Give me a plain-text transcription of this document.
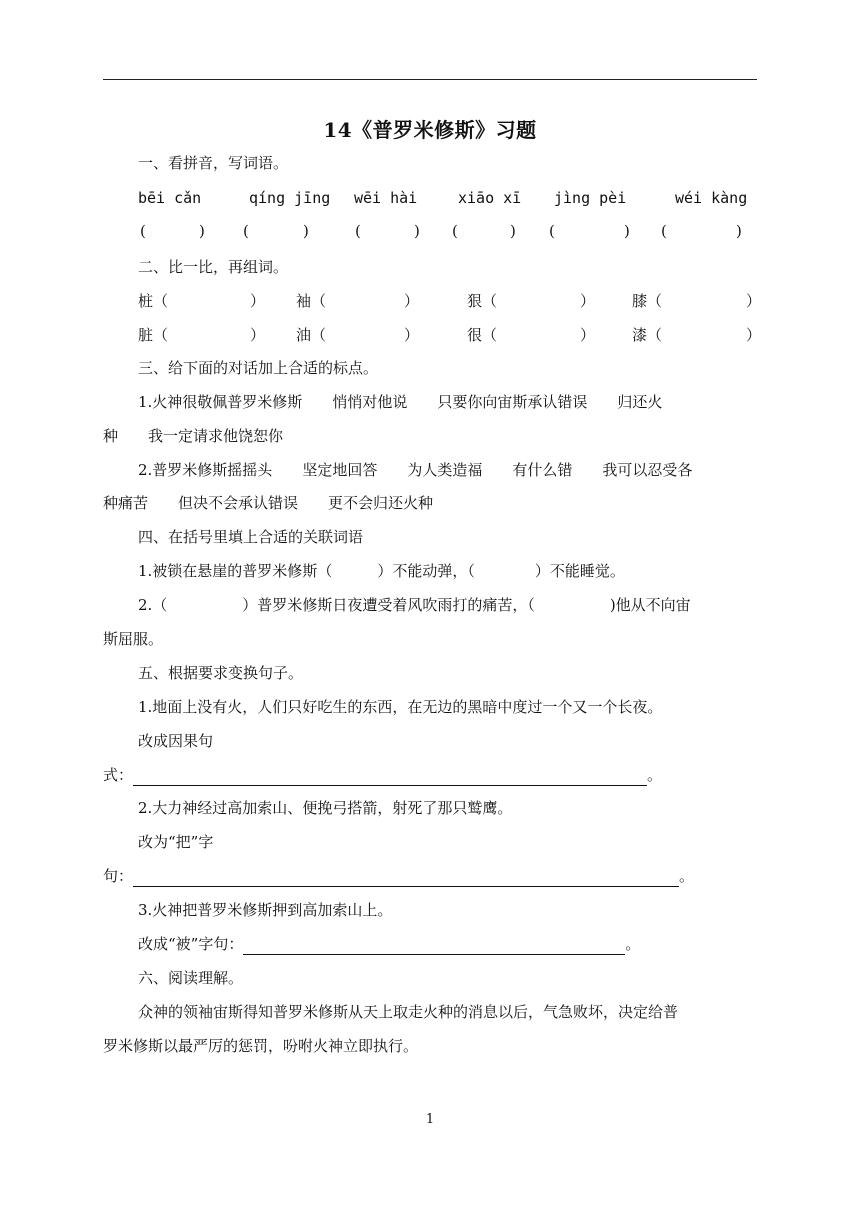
14《普罗米修斯》习题
一、看拼音，写词语。
bēi cǎn	qíng jīng wēi hài	xiāo xī jìng pèi	wéi kàng
(	)	(	)	(	) (	) (	) (	)
二、比一比，再组词。
桩（	） 袖（	）	狠（	） 膝（	）
脏（	） 油（	）	很（	） 漆（	）
三、给下面的对话加上合适的标点。
1.火神很敬佩普罗米修斯　　悄悄对他说　　只要你向宙斯承认错误　　归还火
种　　我一定请求他饶恕你
2.普罗米修斯摇摇头　　坚定地回答　　为人类造福　　有什么错　　我可以忍受各
种痛苦　　但决不会承认错误　　更不会归还火种
四、在括号里填上合适的关联词语
1.被锁在悬崖的普罗米修斯（　　　）不能动弹，（　　　　）不能睡觉。
2.（　　　　　）普罗米修斯日夜遭受着风吹雨打的痛苦，（　　　　　)他从不向宙
斯屈服。
五、根据要求变换句子。
1.地面上没有火，人们只好吃生的东西，在无边的黑暗中度过一个又一个长夜。
改成因果句
式：	。
2.大力神经过高加索山、便挽弓搭箭，射死了那只鹫鹰。
改为“把”字
句：	。
3.火神把普罗米修斯押到高加索山上。
改成“被”字句：	。
六、阅读理解。
众神的领袖宙斯得知普罗米修斯从天上取走火种的消息以后，气急败坏，决定给普
罗米修斯以最严厉的惩罚，吩咐火神立即执行。
1
